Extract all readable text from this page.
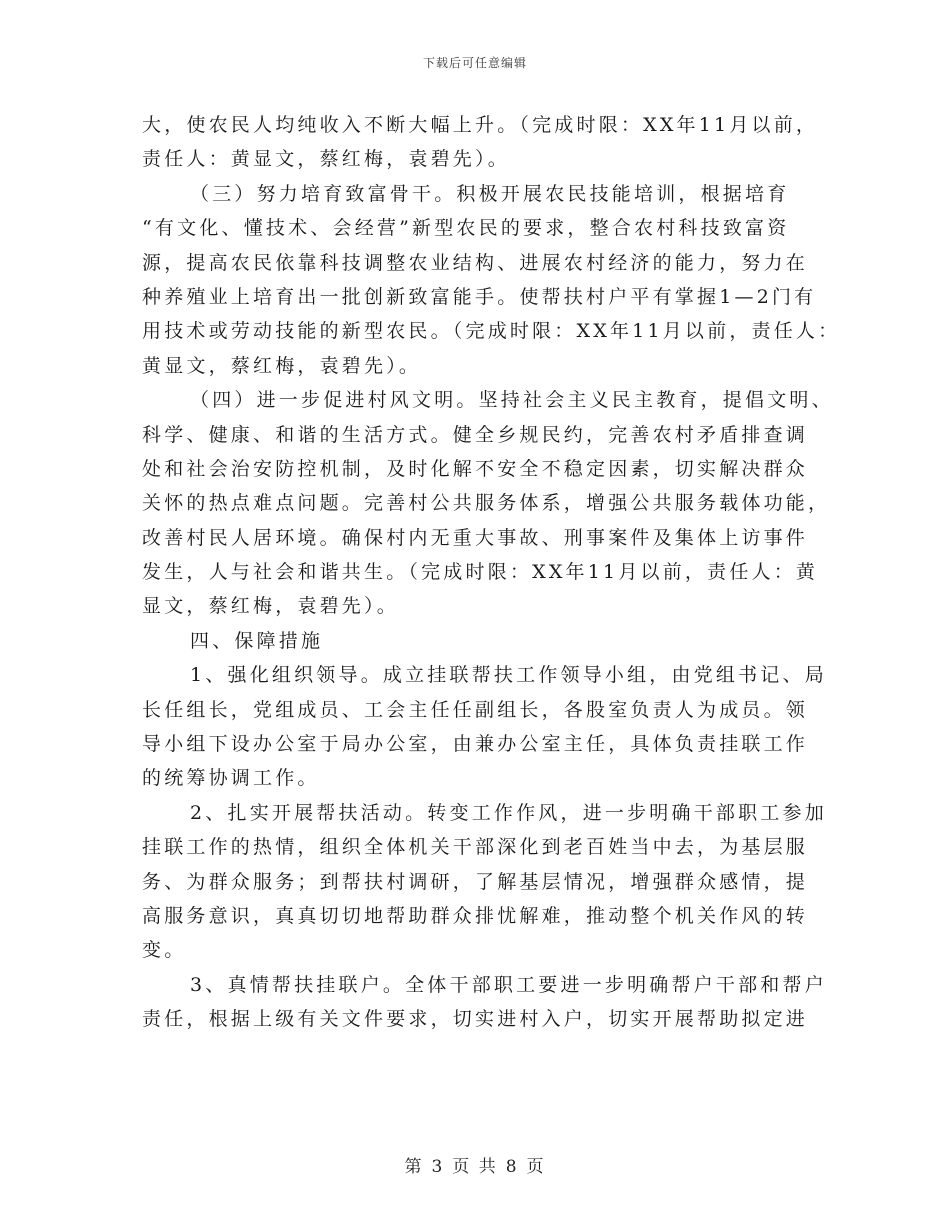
下载后可任意编辑
大，使农民人均纯收入不断大幅上升。（完成时限：XX年11月以前，
责任人：黄显文，蔡红梅，袁碧先）。
（三）努力培育致富骨干。积极开展农民技能培训，根据培育
“有文化、懂技术、会经营”新型农民的要求，整合农村科技致富资
源，提高农民依靠科技调整农业结构、进展农村经济的能力，努力在
种养殖业上培育出一批创新致富能手。使帮扶村户平有掌握1—2门有
用技术或劳动技能的新型农民。（完成时限：XX年11月以前，责任人：
黄显文，蔡红梅，袁碧先）。
（四）进一步促进村风文明。坚持社会主义民主教育，提倡文明、
科学、健康、和谐的生活方式。健全乡规民约，完善农村矛盾排查调
处和社会治安防控机制，及时化解不安全不稳定因素，切实解决群众
关怀的热点难点问题。完善村公共服务体系，增强公共服务载体功能，
改善村民人居环境。确保村内无重大事故、刑事案件及集体上访事件
发生，人与社会和谐共生。（完成时限：XX年11月以前，责任人：黄
显文，蔡红梅，袁碧先）。
四、保障措施
1、强化组织领导。成立挂联帮扶工作领导小组，由党组书记、局
长任组长，党组成员、工会主任任副组长，各股室负责人为成员。领
导小组下设办公室于局办公室，由兼办公室主任，具体负责挂联工作
的统筹协调工作。
2、扎实开展帮扶活动。转变工作作风，进一步明确干部职工参加
挂联工作的热情，组织全体机关干部深化到老百姓当中去，为基层服
务、为群众服务；到帮扶村调研，了解基层情况，增强群众感情，提
高服务意识，真真切切地帮助群众排忧解难，推动整个机关作风的转
变。
3、真情帮扶挂联户。全体干部职工要进一步明确帮户干部和帮户
责任，根据上级有关文件要求，切实进村入户，切实开展帮助拟定进
第 3 页 共 8 页
